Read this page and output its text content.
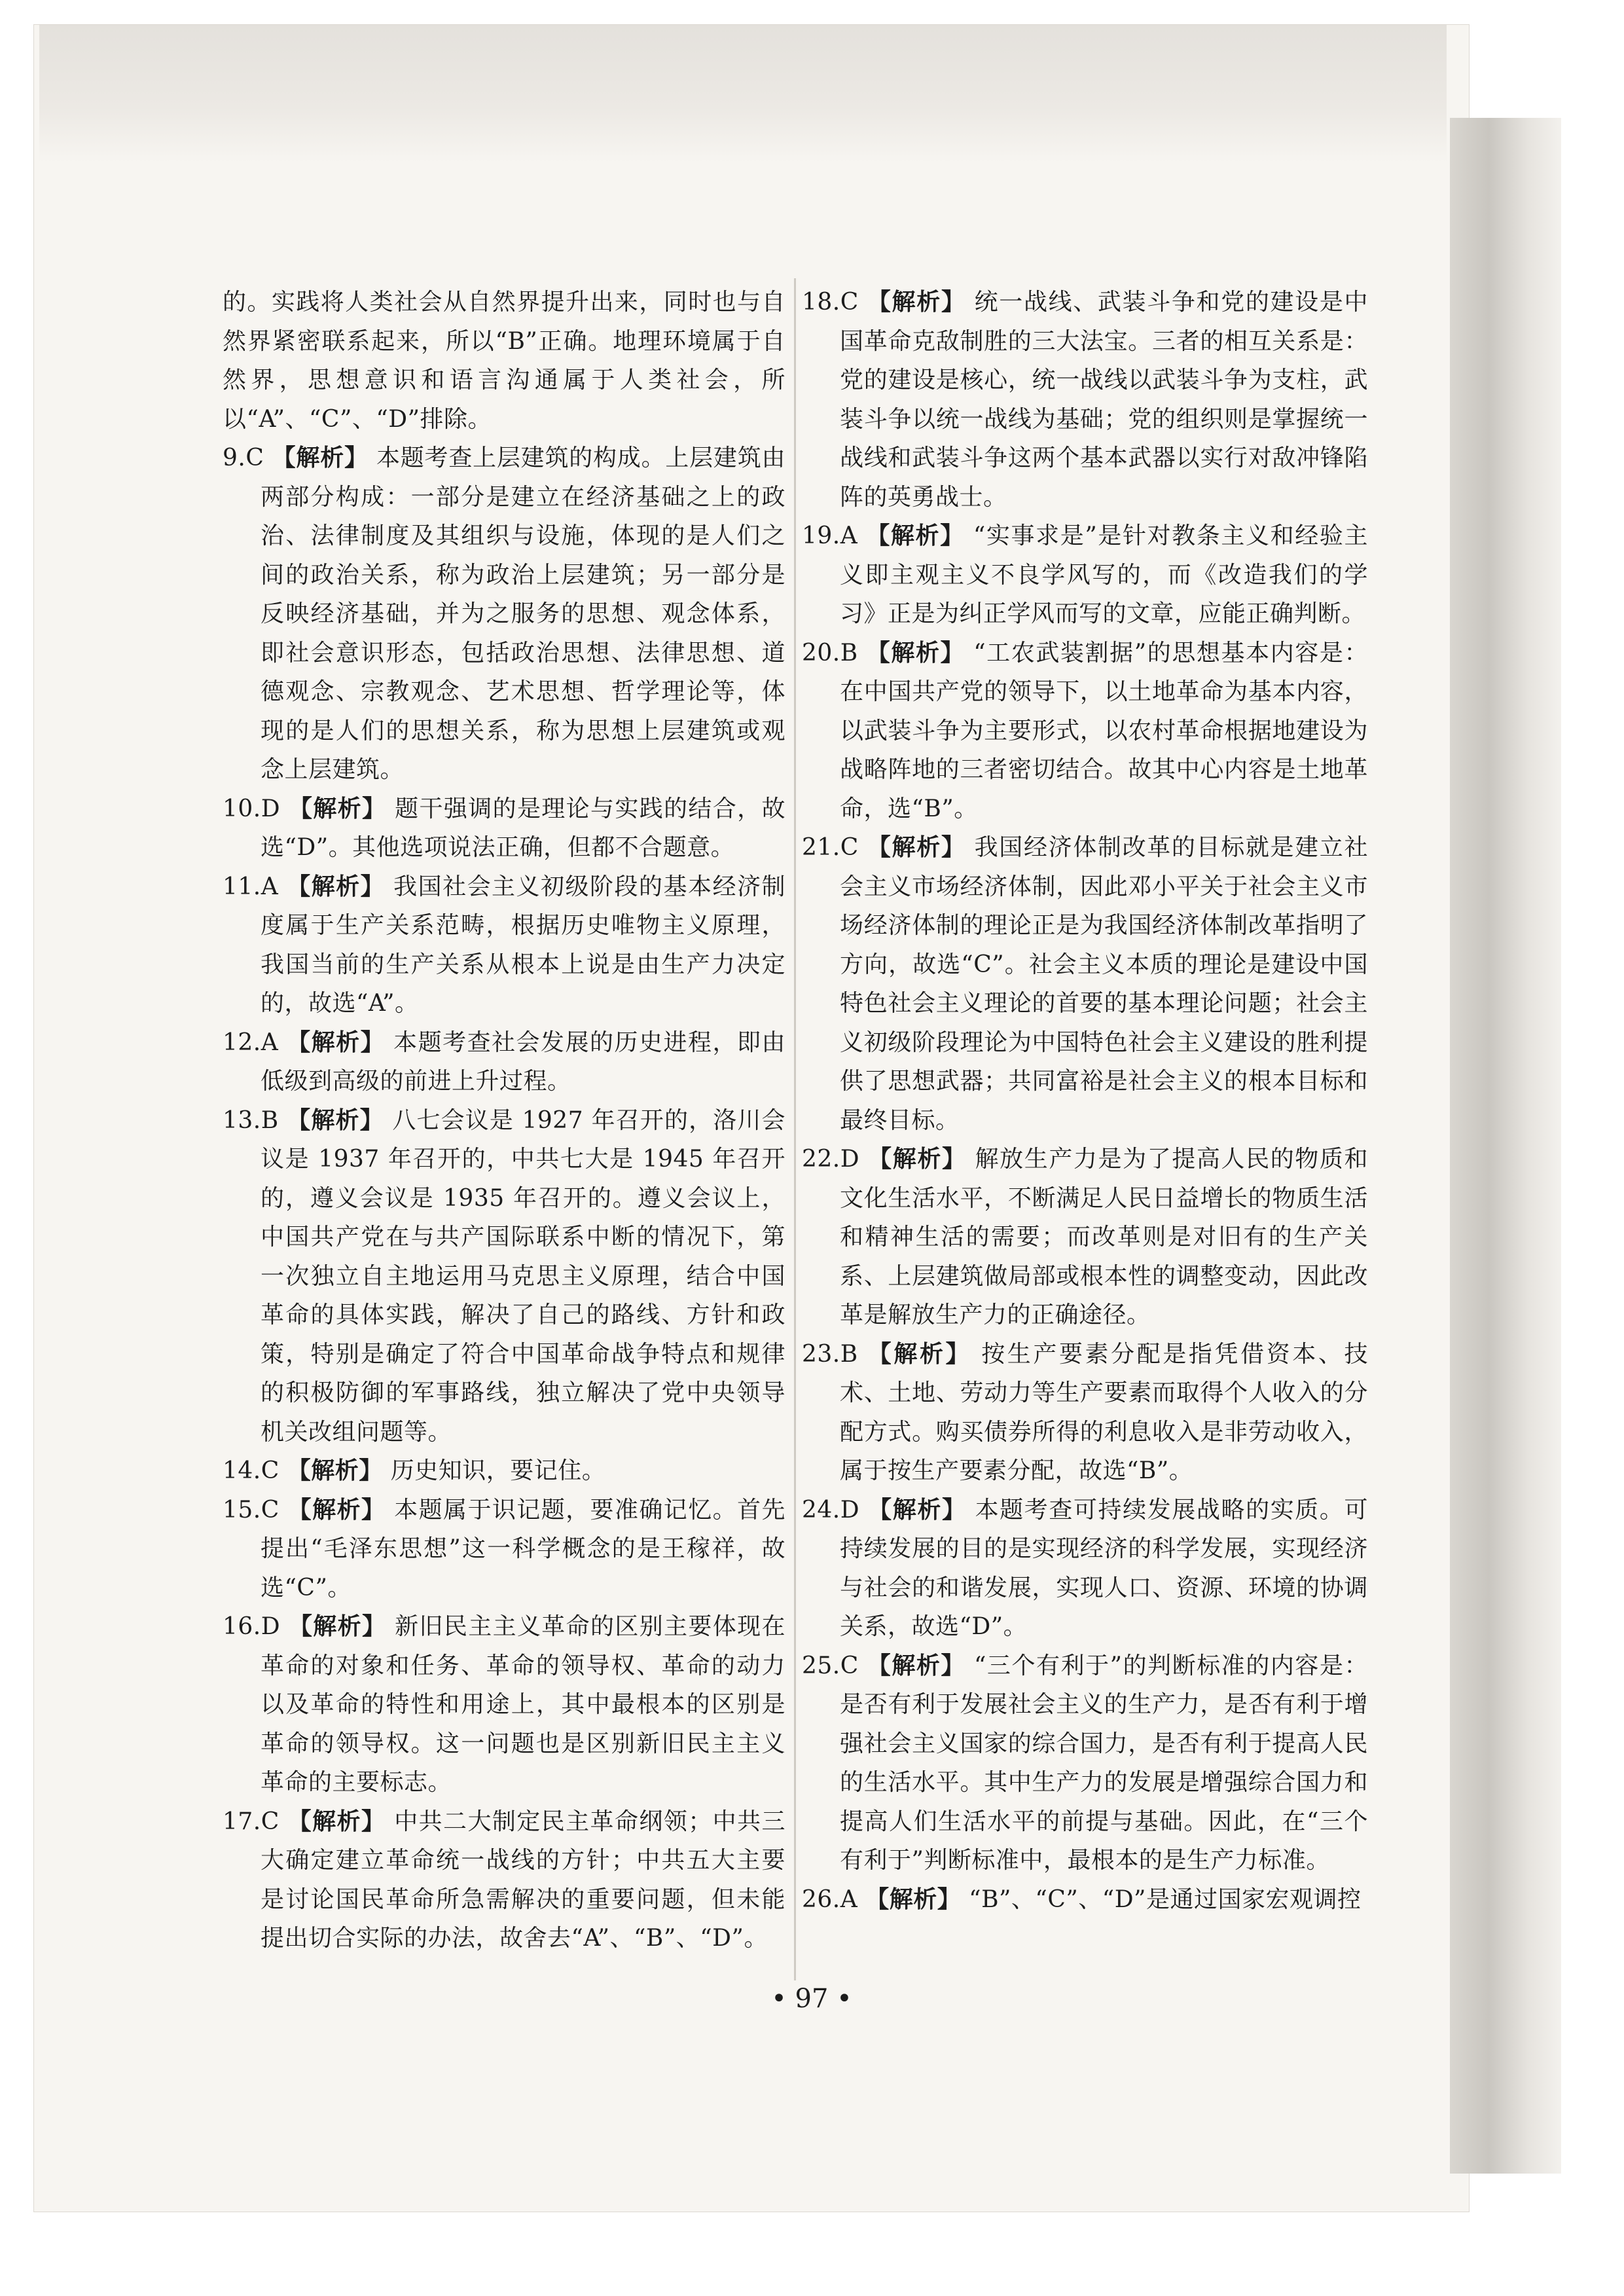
的。实践将人类社会从自然界提升出来，同时也与自然界紧密联系起来，所以“B”正确。地理环境属于自然界，思想意识和语言沟通属于人类社会，所以“A”、“C”、“D”排除。

9.C 【解析】 本题考查上层建筑的构成。上层建筑由两部分构成：一部分是建立在经济基础之上的政治、法律制度及其组织与设施，体现的是人们之间的政治关系，称为政治上层建筑；另一部分是反映经济基础，并为之服务的思想、观念体系，即社会意识形态，包括政治思想、法律思想、道德观念、宗教观念、艺术思想、哲学理论等，体现的是人们的思想关系，称为思想上层建筑或观念上层建筑。

10.D 【解析】 题干强调的是理论与实践的结合，故选“D”。其他选项说法正确，但都不合题意。

11.A 【解析】 我国社会主义初级阶段的基本经济制度属于生产关系范畴，根据历史唯物主义原理，我国当前的生产关系从根本上说是由生产力决定的，故选“A”。

12.A 【解析】 本题考查社会发展的历史进程，即由低级到高级的前进上升过程。

13.B 【解析】 八七会议是 1927 年召开的，洛川会议是 1937 年召开的，中共七大是 1945 年召开的，遵义会议是 1935 年召开的。遵义会议上，中国共产党在与共产国际联系中断的情况下，第一次独立自主地运用马克思主义原理，结合中国革命的具体实践，解决了自己的路线、方针和政策，特别是确定了符合中国革命战争特点和规律的积极防御的军事路线，独立解决了党中央领导机关改组问题等。

14.C 【解析】 历史知识，要记住。

15.C 【解析】 本题属于识记题，要准确记忆。首先提出“毛泽东思想”这一科学概念的是王稼祥，故选“C”。

16.D 【解析】 新旧民主主义革命的区别主要体现在革命的对象和任务、革命的领导权、革命的动力以及革命的特性和用途上，其中最根本的区别是革命的领导权。这一问题也是区别新旧民主主义革命的主要标志。

17.C 【解析】 中共二大制定民主革命纲领；中共三大确定建立革命统一战线的方针；中共五大主要是讨论国民革命所急需解决的重要问题，但未能提出切合实际的办法，故舍去“A”、“B”、“D”。

18.C 【解析】 统一战线、武装斗争和党的建设是中国革命克敌制胜的三大法宝。三者的相互关系是：党的建设是核心，统一战线以武装斗争为支柱，武装斗争以统一战线为基础；党的组织则是掌握统一战线和武装斗争这两个基本武器以实行对敌冲锋陷阵的英勇战士。

19.A 【解析】 “实事求是”是针对教条主义和经验主义即主观主义不良学风写的，而《改造我们的学习》正是为纠正学风而写的文章，应能正确判断。

20.B 【解析】 “工农武装割据”的思想基本内容是：在中国共产党的领导下，以土地革命为基本内容，以武装斗争为主要形式，以农村革命根据地建设为战略阵地的三者密切结合。故其中心内容是土地革命，选“B”。

21.C 【解析】 我国经济体制改革的目标就是建立社会主义市场经济体制，因此邓小平关于社会主义市场经济体制的理论正是为我国经济体制改革指明了方向，故选“C”。社会主义本质的理论是建设中国特色社会主义理论的首要的基本理论问题；社会主义初级阶段理论为中国特色社会主义建设的胜利提供了思想武器；共同富裕是社会主义的根本目标和最终目标。

22.D 【解析】 解放生产力是为了提高人民的物质和文化生活水平，不断满足人民日益增长的物质生活和精神生活的需要；而改革则是对旧有的生产关系、上层建筑做局部或根本性的调整变动，因此改革是解放生产力的正确途径。

23.B 【解析】 按生产要素分配是指凭借资本、技术、土地、劳动力等生产要素而取得个人收入的分配方式。购买债券所得的利息收入是非劳动收入，属于按生产要素分配，故选“B”。

24.D 【解析】 本题考查可持续发展战略的实质。可持续发展的目的是实现经济的科学发展，实现经济与社会的和谐发展，实现人口、资源、环境的协调关系，故选“D”。

25.C 【解析】 “三个有利于”的判断标准的内容是：是否有利于发展社会主义的生产力，是否有利于增强社会主义国家的综合国力，是否有利于提高人民的生活水平。其中生产力的发展是增强综合国力和提高人们生活水平的前提与基础。因此，在“三个有利于”判断标准中，最根本的是生产力标准。

26.A 【解析】 “B”、“C”、“D”是通过国家宏观调控

• 97 •
